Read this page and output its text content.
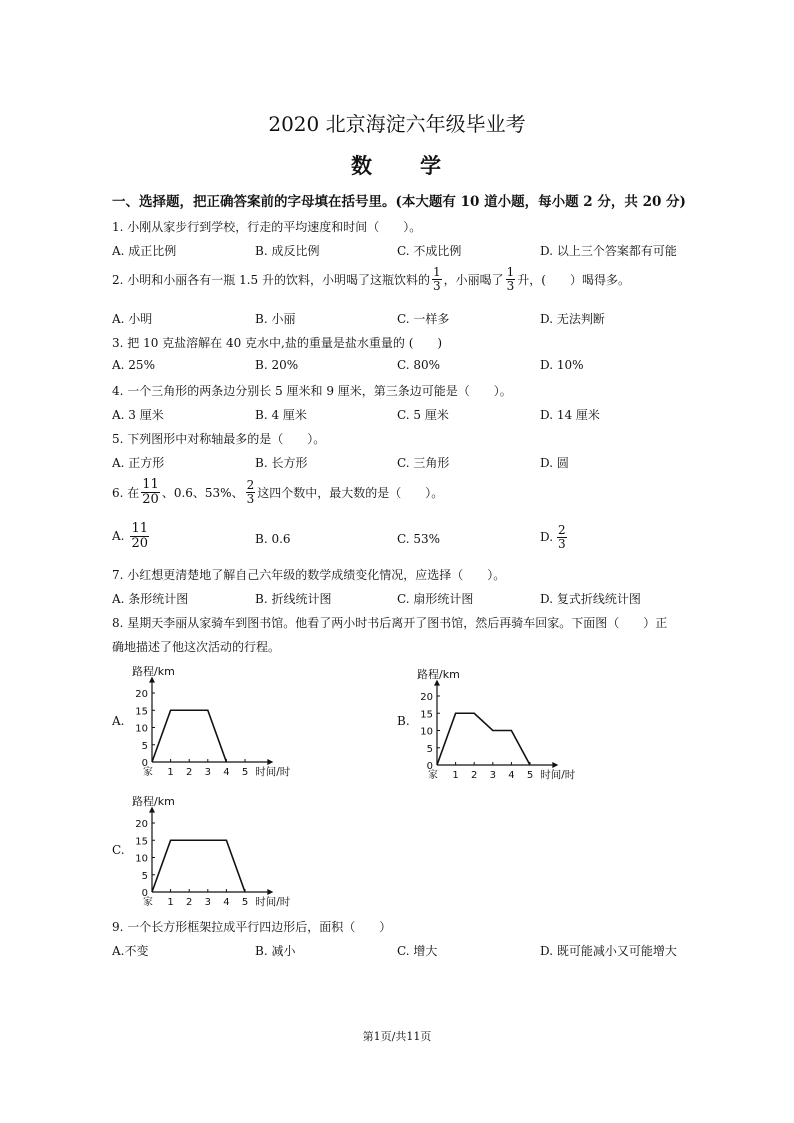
2020 北京海淀六年级毕业考
数　　学
一、选择题，把正确答案前的字母填在括号里。(本大题有 10 道小题，每小题 2 分，共 20 分)
1. 小刚从家步行到学校，行走的平均速度和时间（　　）。
A. 成正比例	B. 成反比例	C. 不成比例	D. 以上三个答案都有可能
2. 小明和小丽各有一瓶 1.5 升的饮料，小明喝了这瓶饮料的 $\frac{1}{3}$ ，小丽喝了 $\frac{1}{3}$ 升，(　　）喝得多。
A. 小明	B. 小丽	C. 一样多	D. 无法判断
3. 把 10 克盐溶解在 40 克水中,盐的重量是盐水重量的 (　　)
A. 25%	B. 20%	C. 80%	D. 10%
4. 一个三角形的两条边分别长 5 厘米和 9 厘米，第三条边可能是（　　）。
A. 3 厘米	B. 4 厘米	C. 5 厘米	D. 14 厘米
5. 下列图形中对称轴最多的是（　　）。
A. 正方形	B. 长方形	C. 三角形	D. 圆
6. 在 $\frac{11}{20}$ 、0.6、53%、 $\frac{2}{3}$ 这四个数中，最大数的是（　　）。
A. $\frac{11}{20}$	B. 0.6	C. 53%	D. $\frac{2}{3}$
7. 小红想更清楚地了解自己六年级的数学成绩变化情况，应选择（　　）。
A. 条形统计图	B. 折线统计图	C. 扇形统计图	D. 复式折线统计图
8. 星期天李丽从家骑车到图书馆。他看了两小时书后离开了图书馆，然后再骑车回家。下面图（　　）正
确地描述了他这次活动的行程。
A.	B.
C.
路程/km
0
5
10
15
20
家 1 2 3 4 5 时间/时
路程/km
0
5
10
15
20
家 1 2 3 4 5 时间/时
路程/km
0
5
10
15
20
家 1 2 3 4 5 时间/时
9. 一个长方形框架拉成平行四边形后，面积（　　）
A.不变	B. 减小	C. 增大	D. 既可能减小又可能增大
第1页/共11页
